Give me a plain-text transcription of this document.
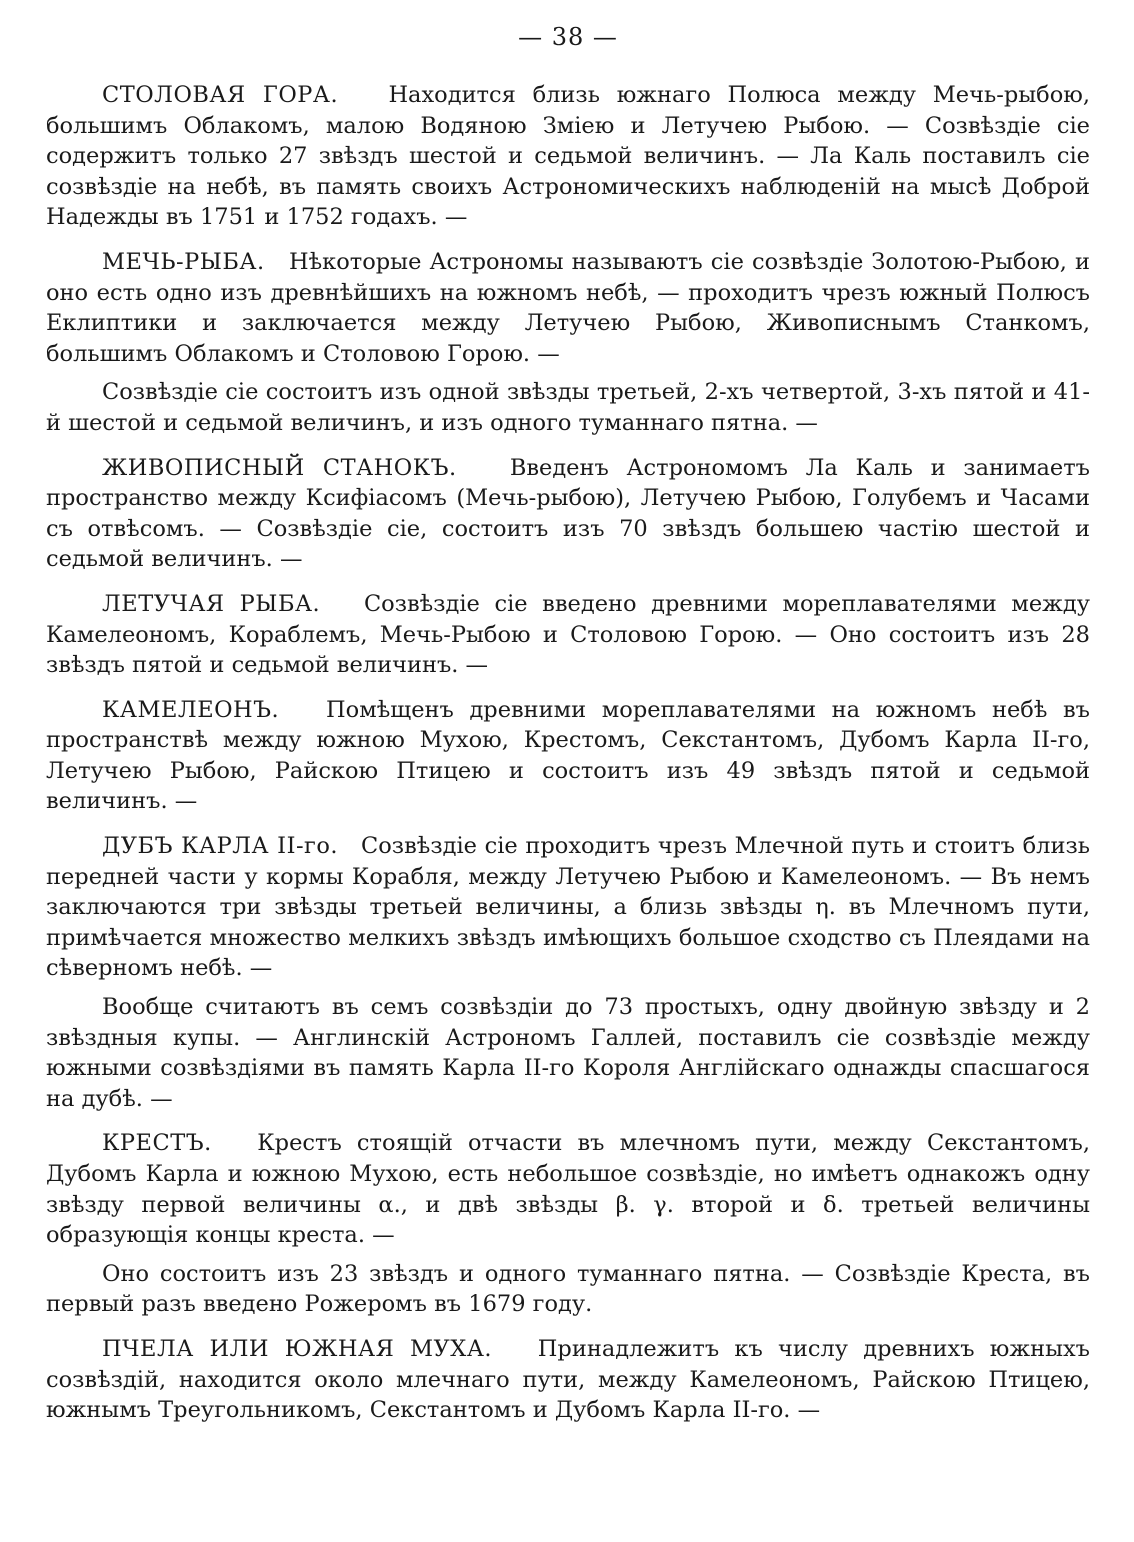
— 38 —

СТОЛОВАЯ ГОРА. Находится близь южнаго Полюса между Мечь-рыбою, большимъ Облакомъ, малою Водяною Змiею и Летучею Рыбою. — Созвѣздiе сiе содержитъ только 27 звѣздъ шестой и седьмой величинъ. — Ла Каль поставилъ сiе созвѣздiе на небѣ, въ память своихъ Астрономическихъ наблюденiй на мысѣ Доброй Надежды въ 1751 и 1752 годахъ. —

МЕЧЬ-РЫБА. Нѣкоторые Астрономы называютъ сiе созвѣздiе Золотою-Рыбою, и оно есть одно изъ древнѣйшихъ на южномъ небѣ, — проходитъ чрезъ южный Полюсъ Еклиптики и заключается между Летучею Рыбою, Живописнымъ Станкомъ, большимъ Облакомъ и Столовою Горою. —

Созвѣздiе сiе состоитъ изъ одной звѣзды третьей, 2-хъ четвертой, 3-хъ пятой и 41-й шестой и седьмой величинъ, и изъ одного туманнаго пятна. —

ЖИВОПИСНЫЙ СТАНОКЪ. Введенъ Астрономомъ Ла Каль и занимаетъ пространство между Ксифiасомъ (Мечь-рыбою), Летучею Рыбою, Голубемъ и Часами съ отвѣсомъ. — Созвѣздiе сiе, состоитъ изъ 70 звѣздъ большею частiю шестой и седьмой величинъ. —

ЛЕТУЧАЯ РЫБА. Созвѣздiе сiе введено древними мореплавателями между Камелеономъ, Кораблемъ, Мечь-Рыбою и Столовою Горою. — Оно состоитъ изъ 28 звѣздъ пятой и седьмой величинъ. —

КАМЕЛЕОНЪ. Помѣщенъ древними мореплавателями на южномъ небѣ въ пространствѣ между южною Мухою, Крестомъ, Секстантомъ, Дубомъ Карла II-го, Летучею Рыбою, Райскою Птицею и состоитъ изъ 49 звѣздъ пятой и седьмой величинъ. —

ДУБЪ КАРЛА II-го. Созвѣздiе сiе проходитъ чрезъ Млечной путь и стоитъ близь передней части у кормы Корабля, между Летучею Рыбою и Камелеономъ. — Въ немъ заключаются три звѣзды третьей величины, а близь звѣзды η. въ Млечномъ пути, примѣчается множество мелкихъ звѣздъ имѣющихъ большое сходство съ Плеядами на сѣверномъ небѣ. —

Вообще считаютъ въ семъ созвѣздiи до 73 простыхъ, одну двойную звѣзду и 2 звѣздныя купы. — Англинскiй Астрономъ Галлей, поставилъ сiе созвѣздiе между южными созвѣздiями въ память Карла II-го Короля Англiйскаго однажды спасшагося на дубѣ. —

КРЕСТЪ. Крестъ стоящiй отчасти въ млечномъ пути, между Секстантомъ, Дубомъ Карла и южною Мухою, есть небольшое созвѣздiе, но имѣетъ однакожъ одну звѣзду первой величины α., и двѣ звѣзды β. γ. вторoй и δ. третьей величины образующiя концы креста. —

Оно состоитъ изъ 23 звѣздъ и одного туманнаго пятна. — Созвѣздiе Креста, въ первый разъ введено Рожеромъ въ 1679 году.

ПЧЕЛА ИЛИ ЮЖНАЯ МУХА. Принадлежитъ къ числу древнихъ южныхъ созвѣздiй, находится около млечнаго пути, между Камелеономъ, Райскою Птицею, южнымъ Треугольникомъ, Секстантомъ и Дубомъ Карла II-го. —
